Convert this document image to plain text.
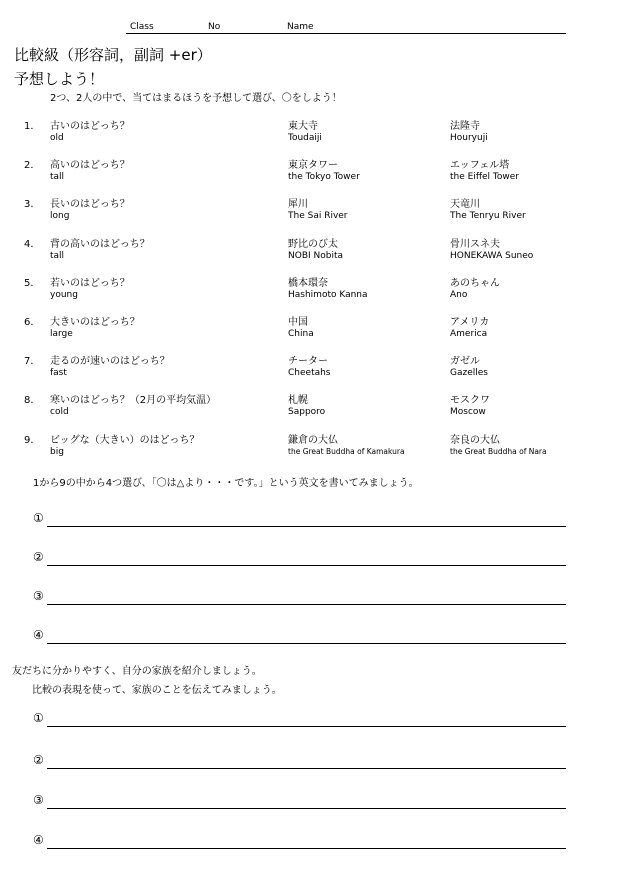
Class	No	Name
比較級（形容詞，副詞 +er）
予想しよう！
2つ、2人の中で、当てはまるほうを予想して選び、〇をしよう！
1． 古いのはどっち？
old
東大寺
Toudaiji
法隆寺
Houryuji
2． 高いのはどっち？
tall
東京タワー
the Tokyo Tower
エッフェル塔
the Eiffel Tower
3． 長いのはどっち？
long
犀川
The Sai River
天竜川
The Tenryu River
4． 背の高いのはどっち？
tall
野比のび太
NOBI Nobita
骨川スネ夫
HONEKAWA Suneo
5． 若いのはどっち？
young
橋本環奈
Hashimoto Kanna
あのちゃん
Ano
6． 大きいのはどっち？
large
中国
China
アメリカ
America
7． 走るのが速いのはどっち？
fast
チーター
Cheetahs
ガゼル
Gazelles
8． 寒いのはどっち？（2月の平均気温）
cold
札幌
Sapporo
モスクワ
Moscow
9． ビッグな（大きい）のはどっち？
big
鎌倉の大仏
the Great Buddha of Kamakura
奈良の大仏
the Great Buddha of Nara
1から9の中から4つ選び、「〇は△より・・・です。」という英文を書いてみましょう。
①
②
③
④
友だちに分かりやすく、自分の家族を紹介しましょう。
比較の表現を使って、家族のことを伝えてみましょう。
①
②
③
④
